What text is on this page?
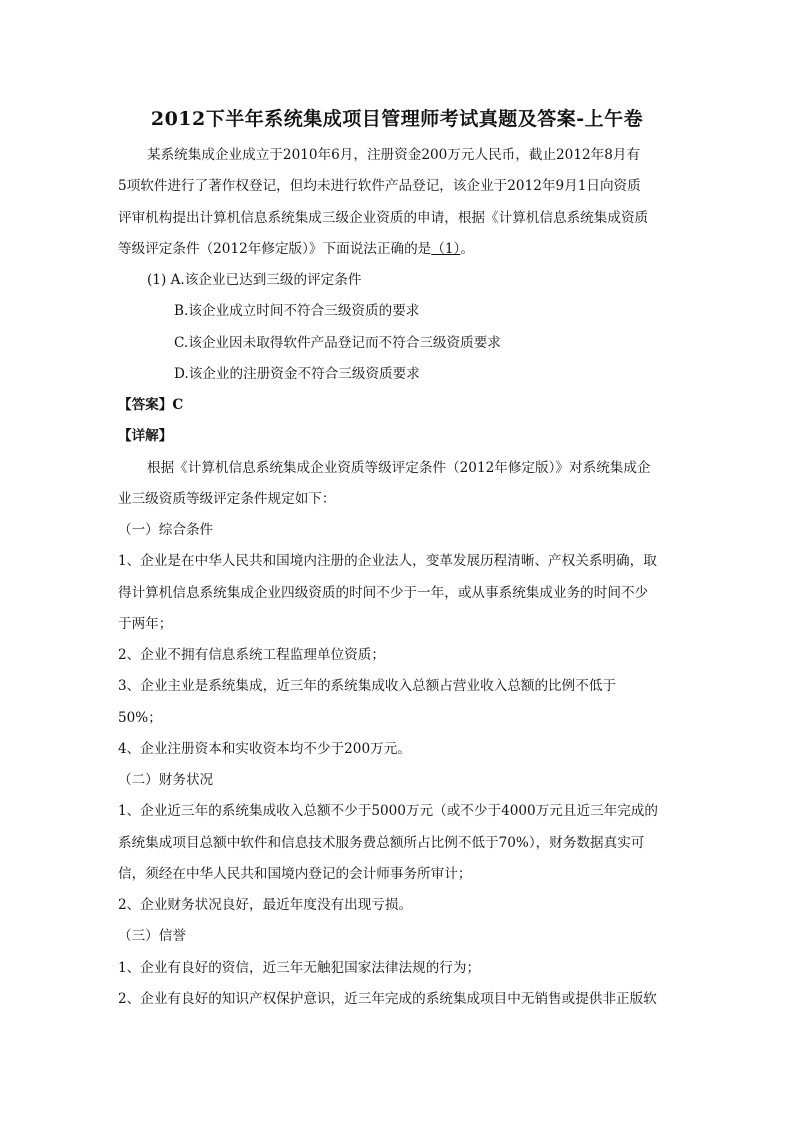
2012下半年系统集成项目管理师考试真题及答案-上午卷
某系统集成企业成立于2010年6月，注册资金200万元人民币，截止2012年8月有
5项软件进行了著作权登记，但均未进行软件产品登记，该企业于2012年9月1日向资质
评审机构提出计算机信息系统集成三级企业资质的申请，根据《计算机信息系统集成资质
等级评定条件（2012年修定版）》下面说法正确的是（1）。
(1) A.该企业已达到三级的评定条件
B.该企业成立时间不符合三级资质的要求
C.该企业因未取得软件产品登记而不符合三级资质要求
D.该企业的注册资金不符合三级资质要求
【答案】C
【详解】
根据《计算机信息系统集成企业资质等级评定条件（2012年修定版）》对系统集成企
业三级资质等级评定条件规定如下：
（一）综合条件
1、企业是在中华人民共和国境内注册的企业法人，变革发展历程清晰、产权关系明确，取
得计算机信息系统集成企业四级资质的时间不少于一年，或从事系统集成业务的时间不少
于两年；
2、企业不拥有信息系统工程监理单位资质；
3、企业主业是系统集成，近三年的系统集成收入总额占营业收入总额的比例不低于
50%；
4、企业注册资本和实收资本均不少于200万元。
（二）财务状况
1、企业近三年的系统集成收入总额不少于5000万元（或不少于4000万元且近三年完成的
系统集成项目总额中软件和信息技术服务费总额所占比例不低于70%），财务数据真实可
信，须经在中华人民共和国境内登记的会计师事务所审计；
2、企业财务状况良好，最近年度没有出现亏损。
（三）信誉
1、企业有良好的资信，近三年无触犯国家法律法规的行为；
2、企业有良好的知识产权保护意识，近三年完成的系统集成项目中无销售或提供非正版软
